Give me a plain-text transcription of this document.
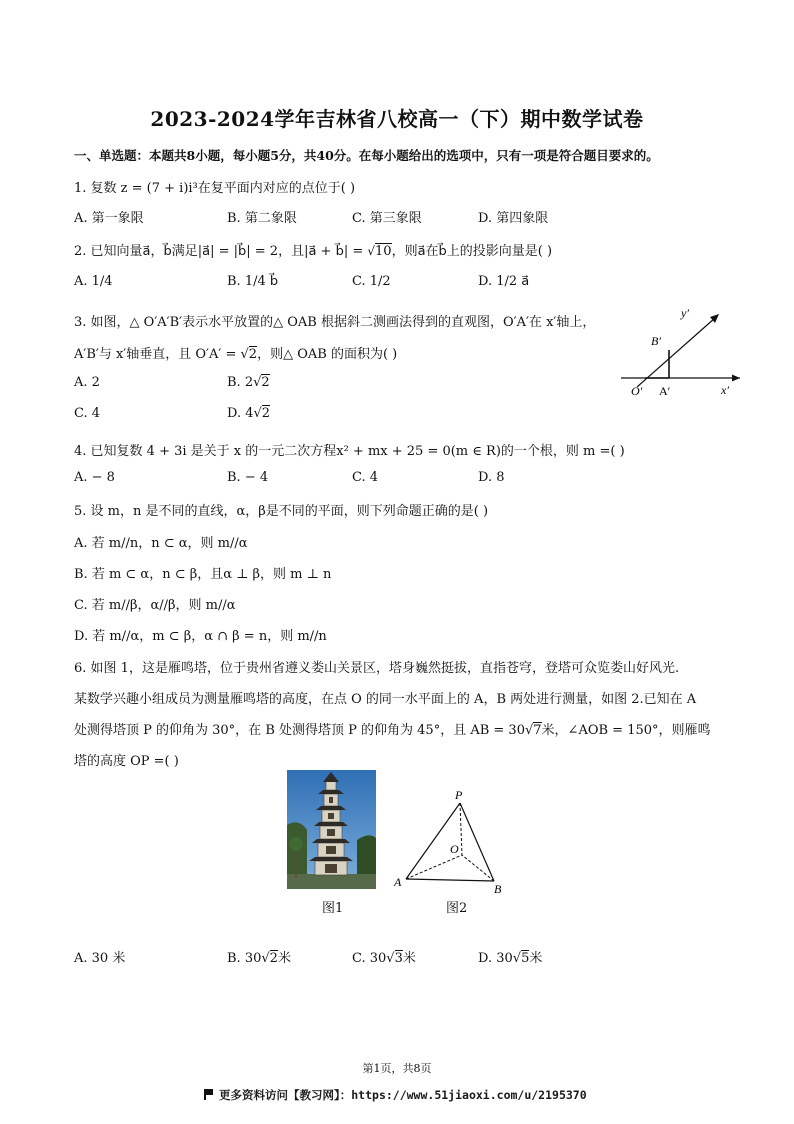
2023-2024学年吉林省八校高一（下）期中数学试卷
一、单选题：本题共8小题，每小题5分，共40分。在每小题给出的选项中，只有一项是符合题目要求的。
1. 复数 z = (7 + i)i³在复平面内对应的点位于( )
A. 第一象限	B. 第二象限	C. 第三象限	D. 第四象限
2. 已知向量a⃗，b⃗满足|a⃗| = |b⃗| = 2，且|a⃗ + b⃗| = √10，则a⃗在b⃗上的投影向量是( )
A. 1/4	B. 1/4 b⃗	C. 1/2	D. 1/2 a⃗
3. 如图，△ O′A′B′表示水平放置的△ OAB 根据斜二测画法得到的直观图，O′A′在 x′轴上，
A′B′与 x′轴垂直，且 O′A′ = √2，则△ OAB 的面积为( )
A. 2	B. 2√2
C. 4	D. 4√2
y′
B′
O′ A′	x′
4. 已知复数 4 + 3i 是关于 x 的一元二次方程x² + mx + 25 = 0(m ∈ R)的一个根，则 m =( )
A. − 8	B. − 4	C. 4	D. 8
5. 设 m，n 是不同的直线，α，β是不同的平面，则下列命题正确的是( )
A. 若 m//n，n ⊂ α，则 m//α
B. 若 m ⊂ α，n ⊂ β，且α ⊥ β，则 m ⊥ n
C. 若 m//β，α//β，则 m//α
D. 若 m//α，m ⊂ β，α ∩ β = n，则 m//n
6. 如图 1，这是雁鸣塔，位于贵州省遵义娄山关景区，塔身巍然挺拔，直指苍穹，登塔可众览娄山好风光.
某数学兴趣小组成员为测量雁鸣塔的高度，在点 O 的同一水平面上的 A，B 两处进行测量，如图 2.已知在 A
处测得塔顶 P 的仰角为 30°，在 B 处测得塔顶 P 的仰角为 45°，且 AB = 30√7米，∠AOB = 150°，则雁鸣
塔的高度 OP =( )
图1
P
O
A	B
图2
A. 30 米	B. 30√2米	C. 30√3米	D. 30√5米
第1页，共8页
更多资料访问【教习网】：https://www.51jiaoxi.com/u/2195370
